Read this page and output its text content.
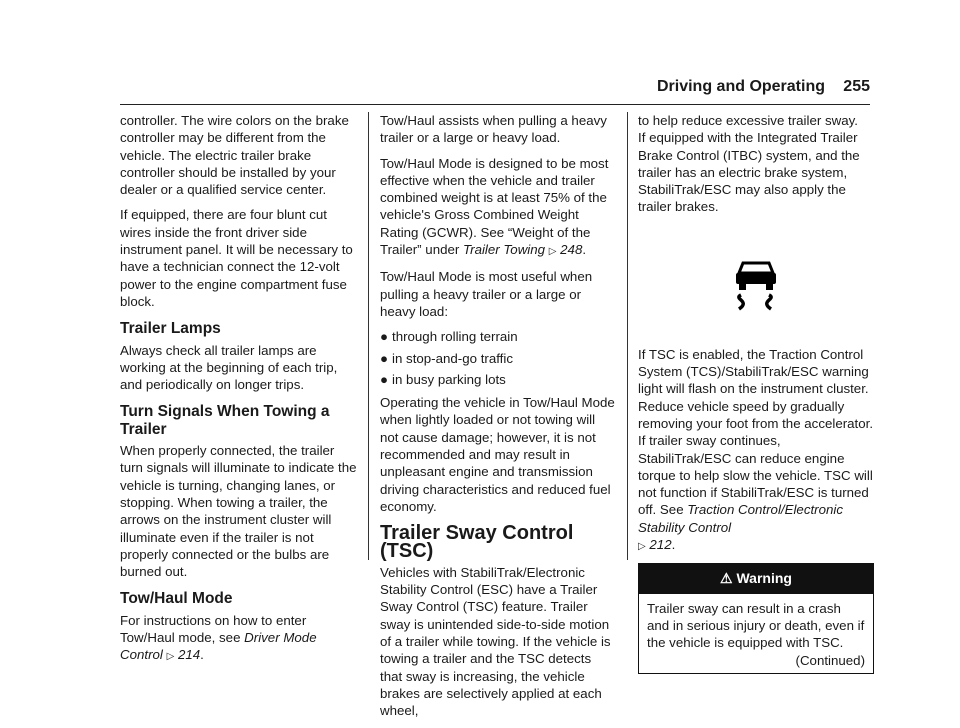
Driving and Operating 255

controller. The wire colors on the brake controller may be different from the vehicle. The electric trailer brake controller should be installed by your dealer or a qualified service center.

If equipped, there are four blunt cut wires inside the front driver side instrument panel. It will be necessary to have a technician connect the 12-volt power to the engine compartment fuse block.

Trailer Lamps

Always check all trailer lamps are working at the beginning of each trip, and periodically on longer trips.

Turn Signals When Towing a Trailer

When properly connected, the trailer turn signals will illuminate to indicate the vehicle is turning, changing lanes, or stopping. When towing a trailer, the arrows on the instrument cluster will illuminate even if the trailer is not properly connected or the bulbs are burned out.

Tow/Haul Mode

For instructions on how to enter Tow/Haul mode, see Driver Mode Control ▷ 214.

Tow/Haul assists when pulling a heavy trailer or a large or heavy load.

Tow/Haul Mode is designed to be most effective when the vehicle and trailer combined weight is at least 75% of the vehicle's Gross Combined Weight Rating (GCWR). See “Weight of the Trailer” under Trailer Towing ▷ 248.

Tow/Haul Mode is most useful when pulling a heavy trailer or a large or heavy load:

● through rolling terrain
● in stop-and-go traffic
● in busy parking lots

Operating the vehicle in Tow/Haul Mode when lightly loaded or not towing will not cause damage; however, it is not recommended and may result in unpleasant engine and transmission driving characteristics and reduced fuel economy.

Trailer Sway Control (TSC)

Vehicles with StabiliTrak/Electronic Stability Control (ESC) have a Trailer Sway Control (TSC) feature. Trailer sway is unintended side-to-side motion of a trailer while towing. If the vehicle is towing a trailer and the TSC detects that sway is increasing, the vehicle brakes are selectively applied at each wheel,

to help reduce excessive trailer sway.

If equipped with the Integrated Trailer Brake Control (ITBC) system, and the trailer has an electric brake system, StabiliTrak/ESC may also apply the trailer brakes.

If TSC is enabled, the Traction Control System (TCS)/StabiliTrak/ESC warning light will flash on the instrument cluster. Reduce vehicle speed by gradually removing your foot from the accelerator. If trailer sway continues, StabiliTrak/ESC can reduce engine torque to help slow the vehicle. TSC will not function if StabiliTrak/ESC is turned off. See Traction Control/Electronic Stability Control
▷ 212.

⚠ Warning
Trailer sway can result in a crash and in serious injury or death, even if the vehicle is equipped with TSC.
(Continued)
